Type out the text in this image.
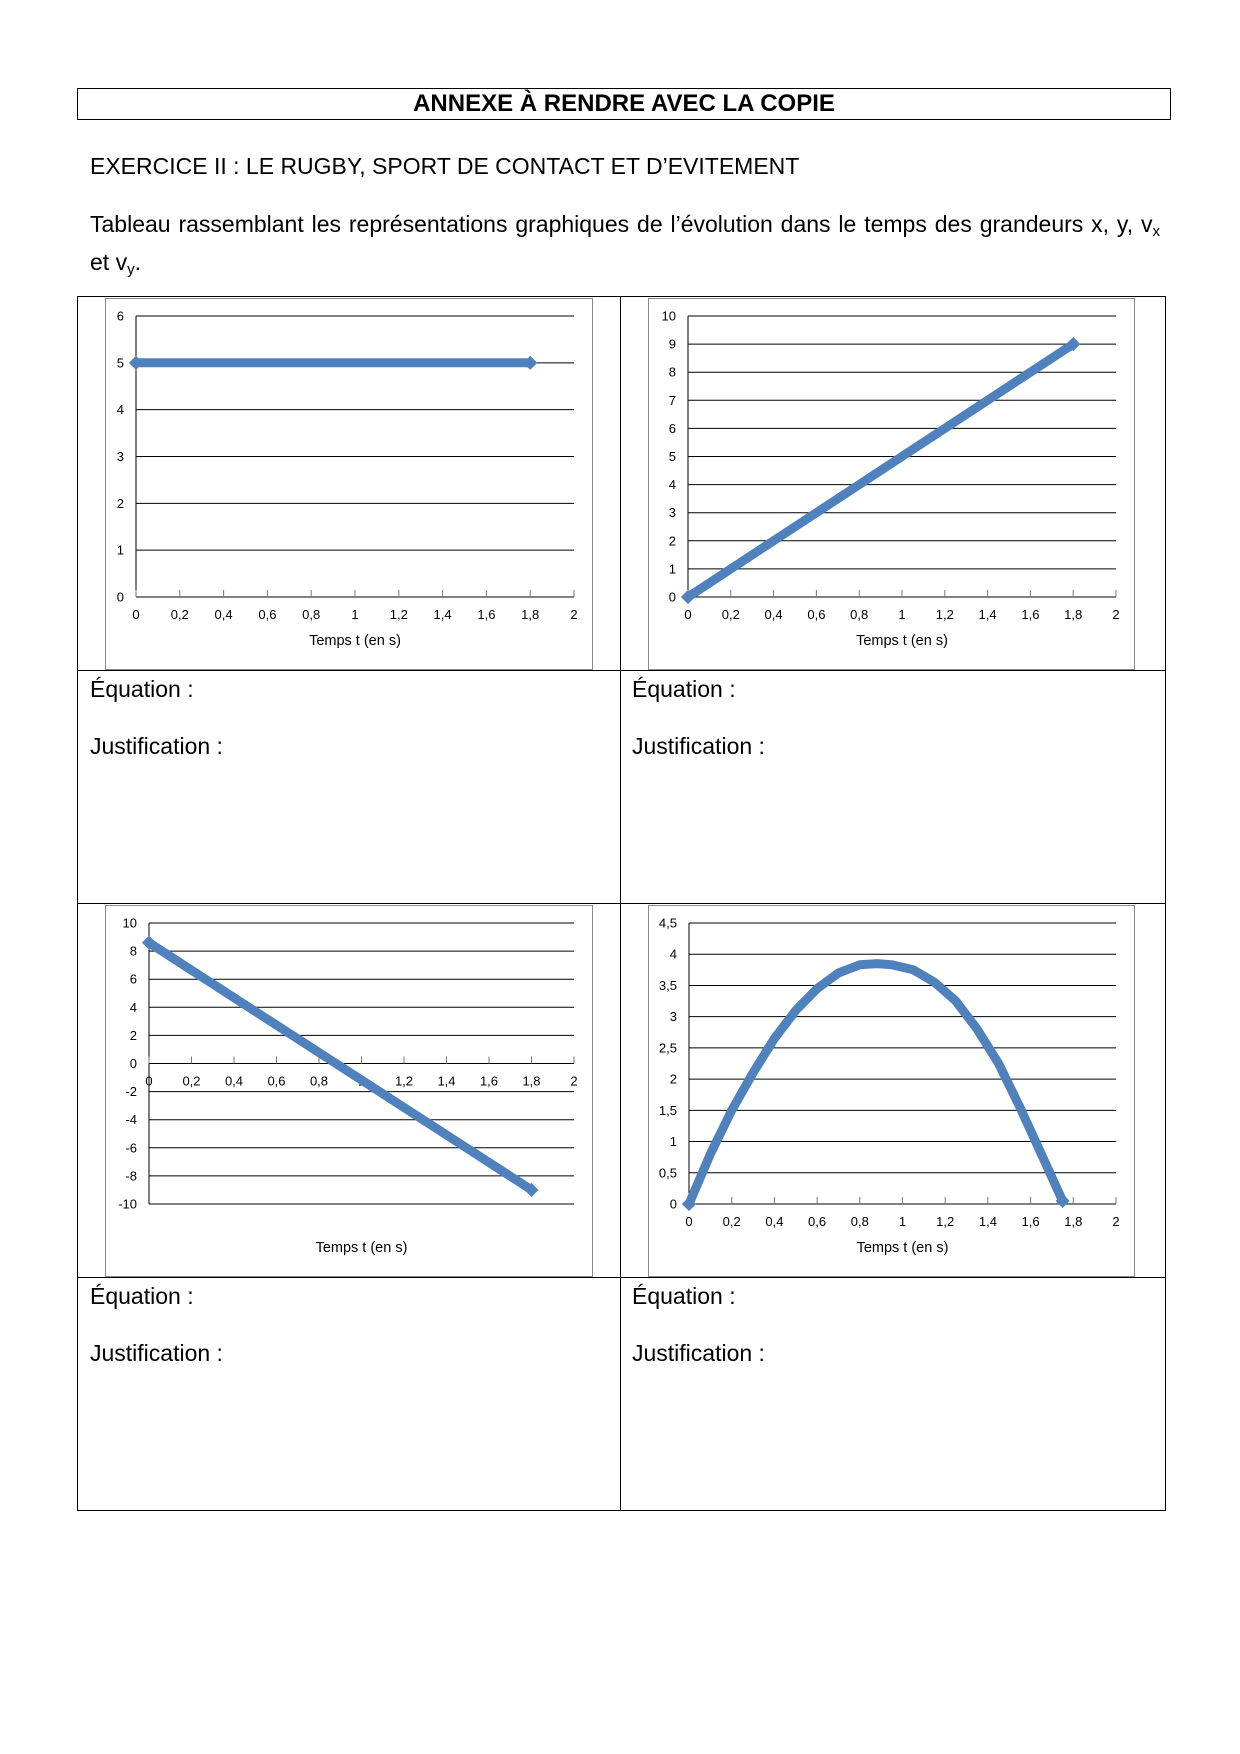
ANNEXE À RENDRE AVEC LA COPIE
EXERCICE II : LE RUGBY, SPORT DE CONTACT ET D’EVITEMENT
Tableau rassemblant les représentations graphiques de l’évolution dans le temps des grandeurs x, y, $v_x$ et $v_y$.
0
1
2
3
4
5
6
0 0,2 0,4 0,6 0,8 1 1,2 1,4 1,6 1,8 2
Temps t (en s)
0
1
2
3
4
5
6
7
8
9
10
0 0,2 0,4 0,6 0,8 1 1,2 1,4 1,6 1,8 2
Temps t (en s)
-10
-8
-6
-4
-2
0
2
4
6
8
10
0 0,2 0,4 0,6 0,8 1 1,2 1,4 1,6 1,8 2
Temps t (en s)
0
0,5
1
1,5
2
2,5
3
3,5
4
4,5
0 0,2 0,4 0,6 0,8 1 1,2 1,4 1,6 1,8 2
Temps t (en s)
Équation :
Justification :
Équation :
Justification :
Équation :
Justification :
Équation :
Justification :
